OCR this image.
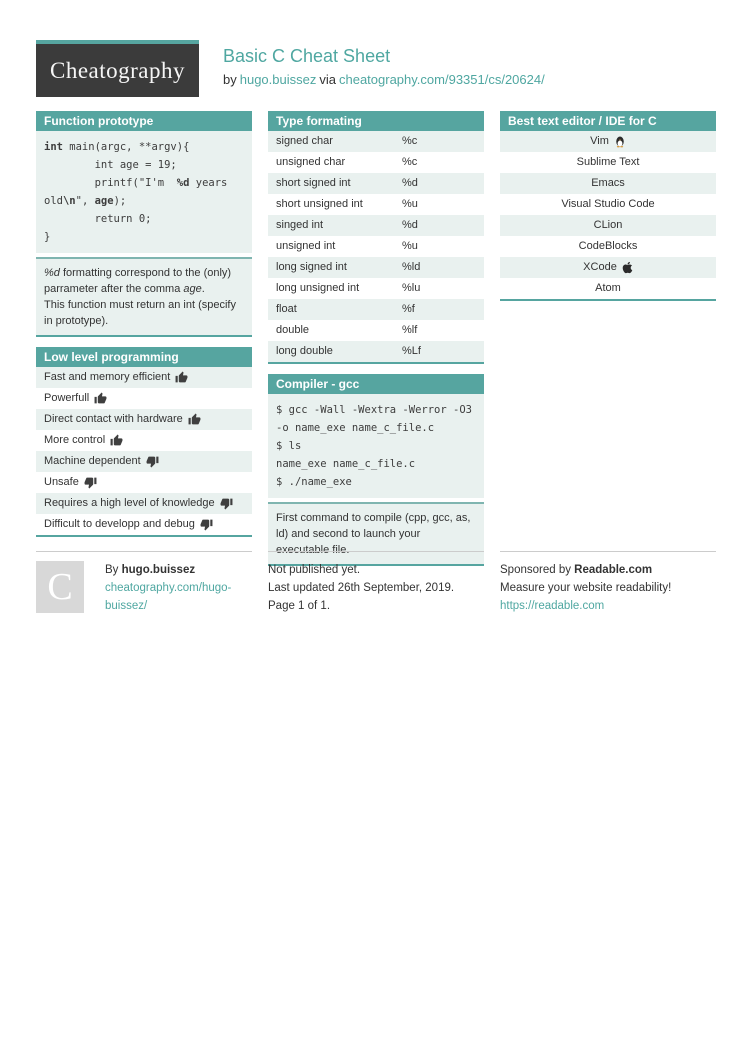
Cheatography
Basic C Cheat Sheet
by hugo.buissez via cheatography.com/93351/cs/20624/
Function prototype
int main(argc, **argv){
int age = 19;
printf("I'm  %d years
old\n", age);
return 0;
}

%d formatting correspond to the (only) parrameter after the comma age.

This function must return an int (specify in prototype).

Low level programming
Fast and memory efficient
Powerfull
Direct contact with hardware
More control
Machine dependent
Unsafe
Requires a high level of knowledge
Difficult to developp and debug
Type formating
signed char	%c
unsigned char	%c
short signed int	%d
short unsigned int	%u
singed int	%d
unsigned int	%u
long signed int	%ld
long unsigned int	%lu
float	%f
double	%lf
long double	%Lf
Compiler - gcc
$ gcc -Wall -Wextra -Werror -O3
-o name_exe name_c_file.c
$ ls
name_exe name_c_file.c
$ ./name_exe

First command to compile (cpp, gcc, as, ld) and second to launch your executable file.

Best text editor / IDE for C
Vim
Sublime Text
Emacs
Visual Studio Code
CLion
CodeBlocks
XCode
Atom
C	By hugo.buissez
cheatography.com/hugo-buissez/
Not published yet.
Last updated 26th September, 2019.
Page 1 of 1.
Sponsored by Readable.com
Measure your website readability!
https://readable.com
